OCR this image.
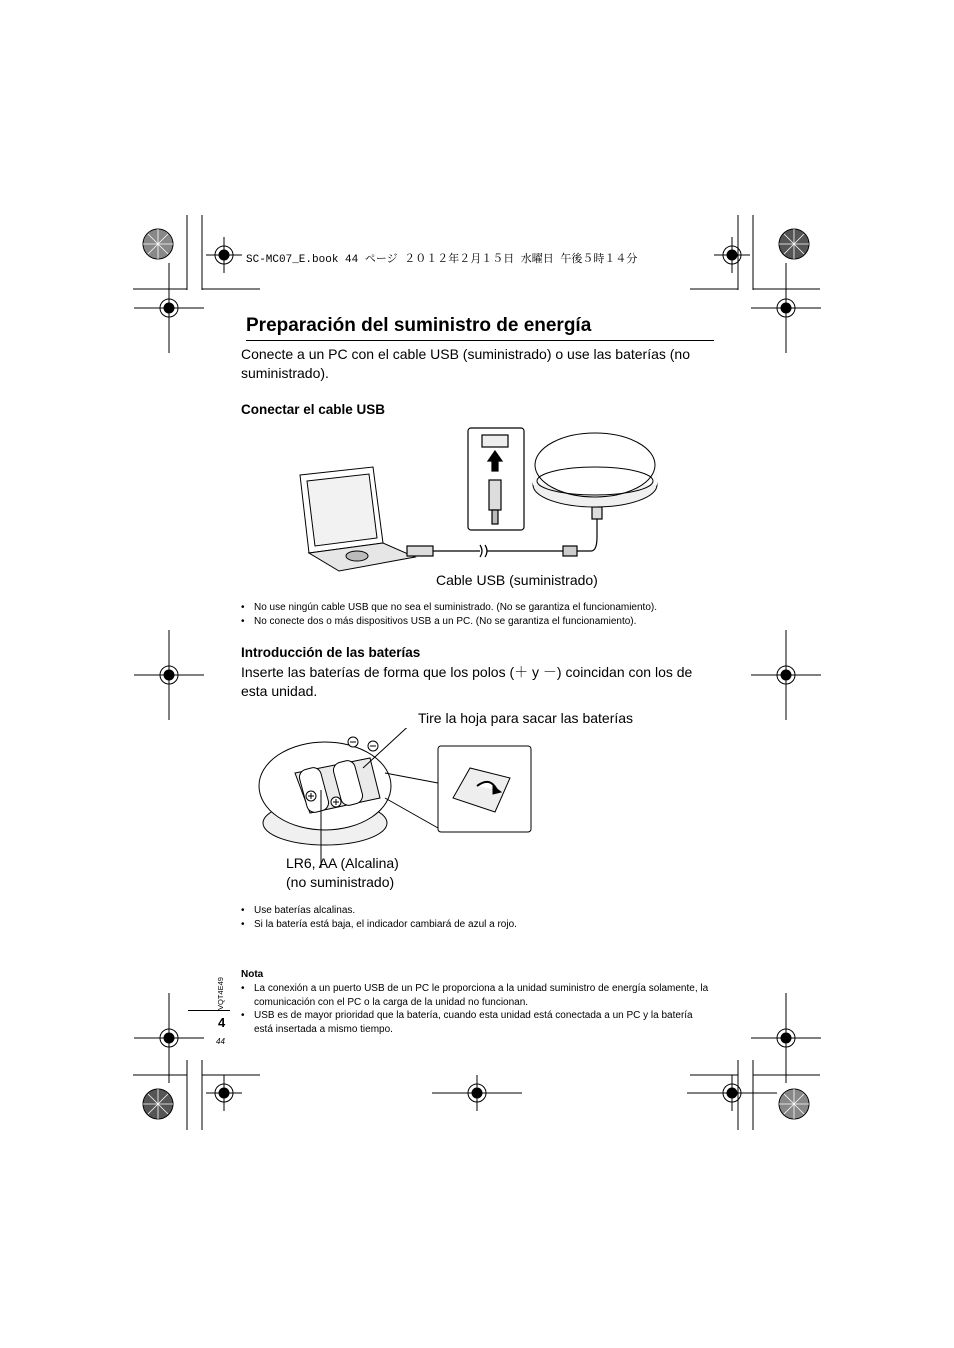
SC-MC07_E.book 44 ページ ２０１２年２月１５日 水曜日 午後５時１４分
Preparación del suministro de energía
Conecte a un PC con el cable USB (suministrado) o use las baterías (no suministrado).
Conectar el cable USB
Cable USB (suministrado)
• No use ningún cable USB que no sea el suministrado. (No se garantiza el funcionamiento).
• No conecte dos o más dispositivos USB a un PC. (No se garantiza el funcionamiento).
Introducción de las baterías
Inserte las baterías de forma que los polos (＋ y －) coincidan con los de esta unidad.
Tire la hoja para sacar las baterías
LR6, AA (Alcalina)
(no suministrado)
• Use baterías alcalinas.
• Si la batería está baja, el indicador cambiará de azul a rojo.
Nota
• La conexión a un puerto USB de un PC le proporciona a la unidad suministro de energía solamente, la comunicación con el PC o la carga de la unidad no funcionan.
• USB es de mayor prioridad que la batería, cuando esta unidad está conectada a un PC y la batería está insertada a mismo tiempo.
VQT4E49
4
44
